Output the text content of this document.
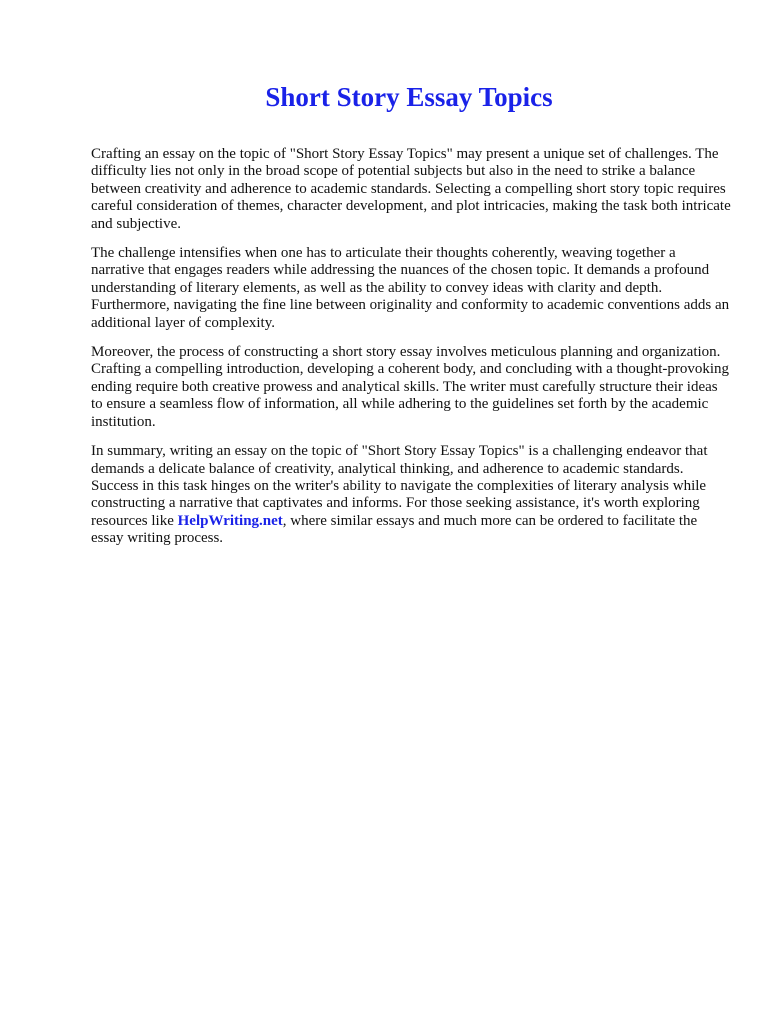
Short Story Essay Topics

Crafting an essay on the topic of "Short Story Essay Topics" may present a unique set of challenges. The difficulty lies not only in the broad scope of potential subjects but also in the need to strike a balance between creativity and adherence to academic standards. Selecting a compelling short story topic requires careful consideration of themes, character development, and plot intricacies, making the task both intricate and subjective.

The challenge intensifies when one has to articulate their thoughts coherently, weaving together a narrative that engages readers while addressing the nuances of the chosen topic. It demands a profound understanding of literary elements, as well as the ability to convey ideas with clarity and depth. Furthermore, navigating the fine line between originality and conformity to academic conventions adds an additional layer of complexity.

Moreover, the process of constructing a short story essay involves meticulous planning and organization. Crafting a compelling introduction, developing a coherent body, and concluding with a thought-provoking ending require both creative prowess and analytical skills. The writer must carefully structure their ideas to ensure a seamless flow of information, all while adhering to the guidelines set forth by the academic institution.

In summary, writing an essay on the topic of "Short Story Essay Topics" is a challenging endeavor that demands a delicate balance of creativity, analytical thinking, and adherence to academic standards. Success in this task hinges on the writer's ability to navigate the complexities of literary analysis while constructing a narrative that captivates and informs. For those seeking assistance, it's worth exploring resources like HelpWriting.net, where similar essays and much more can be ordered to facilitate the essay writing process.
